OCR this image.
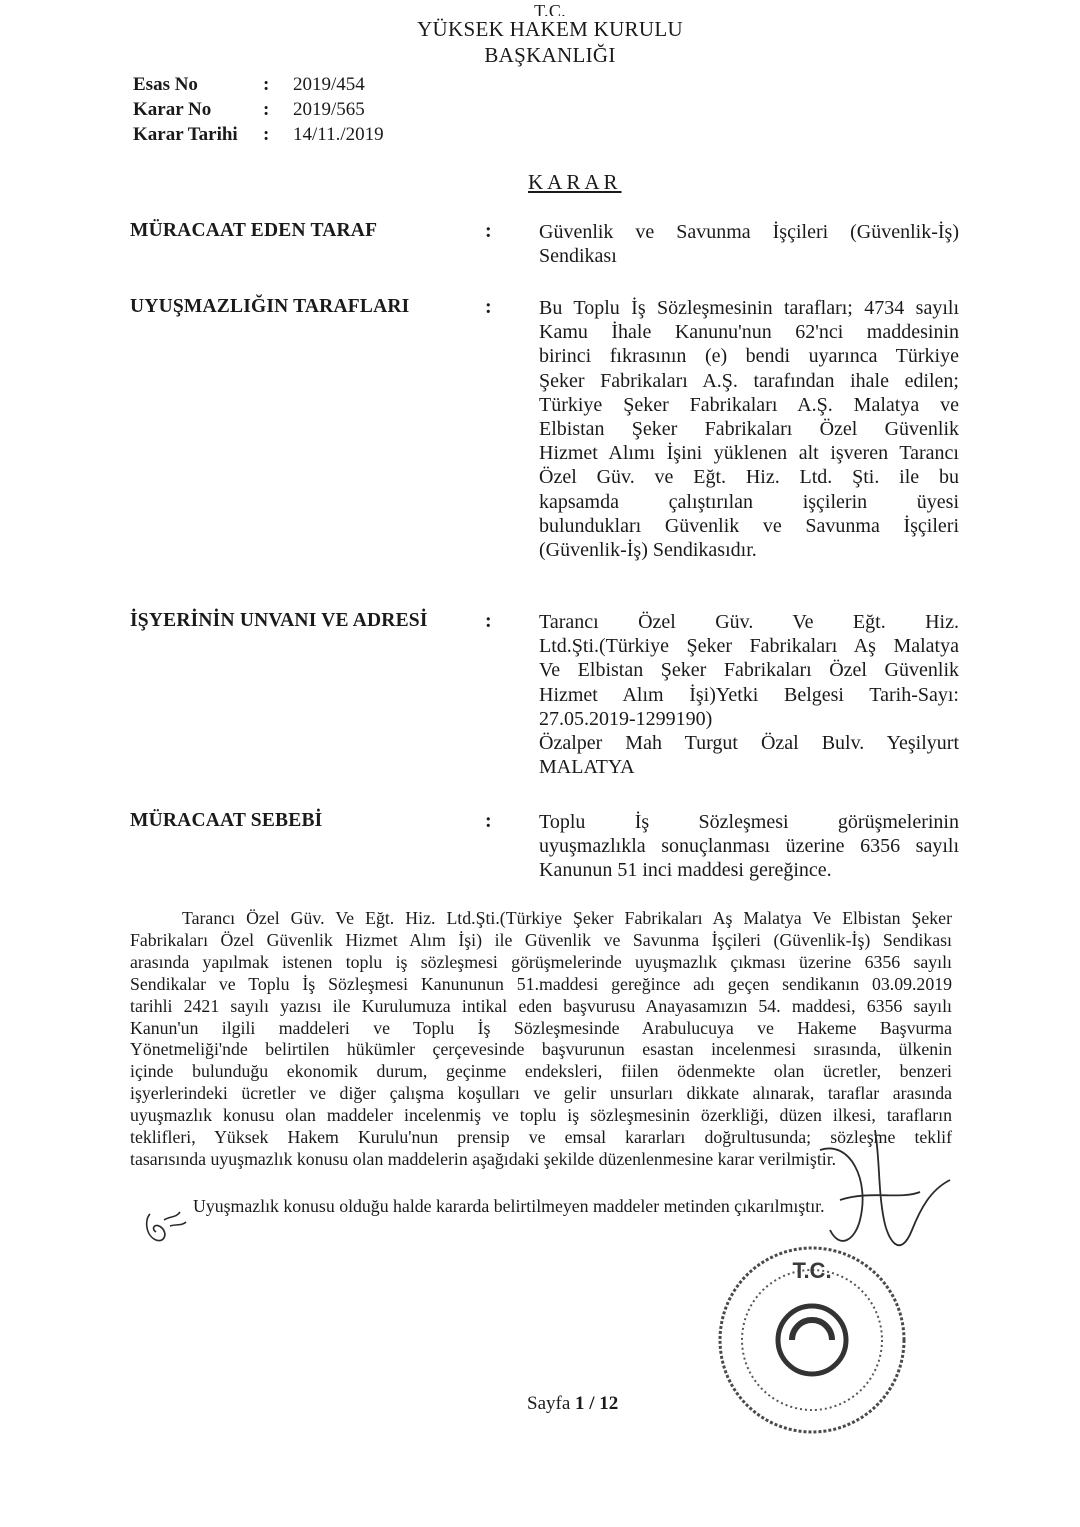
T.C.
YÜKSEK HAKEM KURULU
BAŞKANLIĞI
Esas No	:	2019/454
Karar No	:	2019/565
Karar Tarihi	:	14/11./2019
KARAR
MÜRACAAT EDEN TARAF	:	Güvenlik ve Savunma İşçileri (Güvenlik-İş)
Sendikası
UYUŞMAZLIĞIN TARAFLARI	:	Bu Toplu İş Sözleşmesinin tarafları; 4734 sayılı
Kamu İhale Kanunu'nun 62'nci maddesinin
birinci fıkrasının (e) bendi uyarınca Türkiye
Şeker Fabrikaları A.Ş. tarafından ihale edilen;
Türkiye Şeker Fabrikaları A.Ş. Malatya ve
Elbistan Şeker Fabrikaları Özel Güvenlik
Hizmet Alımı İşini yüklenen alt işveren Tarancı
Özel Güv. ve Eğt. Hiz. Ltd. Şti. ile bu
kapsamda çalıştırılan işçilerin üyesi
bulundukları Güvenlik ve Savunma İşçileri
(Güvenlik-İş) Sendikasıdır.
İŞYERİNİN UNVANI VE ADRESİ	:	Tarancı Özel Güv. Ve Eğt. Hiz.
Ltd.Şti.(Türkiye Şeker Fabrikaları Aş Malatya
Ve Elbistan Şeker Fabrikaları Özel Güvenlik
Hizmet Alım İşi)Yetki Belgesi Tarih-Sayı:
27.05.2019-1299190)
Özalper Mah Turgut Özal Bulv. Yeşilyurt
MALATYA
MÜRACAAT SEBEBİ	:	Toplu İş Sözleşmesi görüşmelerinin
uyuşmazlıkla sonuçlanması üzerine 6356 sayılı
Kanunun 51 inci maddesi gereğince.

Tarancı Özel Güv. Ve Eğt. Hiz. Ltd.Şti.(Türkiye Şeker Fabrikaları Aş Malatya Ve Elbistan Şeker
Fabrikaları Özel Güvenlik Hizmet Alım İşi) ile Güvenlik ve Savunma İşçileri (Güvenlik-İş) Sendikası
arasında yapılmak istenen toplu iş sözleşmesi görüşmelerinde uyuşmazlık çıkması üzerine 6356 sayılı
Sendikalar ve Toplu İş Sözleşmesi Kanununun 51.maddesi gereğince adı geçen sendikanın 03.09.2019
tarihli 2421 sayılı yazısı ile Kurulumuza intikal eden başvurusu Anayasamızın 54. maddesi, 6356 sayılı
Kanun'un ilgili maddeleri ve Toplu İş Sözleşmesinde Arabulucuya ve Hakeme Başvurma
Yönetmeliği'nde belirtilen hükümler çerçevesinde başvurunun esastan incelenmesi sırasında, ülkenin
içinde bulunduğu ekonomik durum, geçinme endeksleri, fiilen ödenmekte olan ücretler, benzeri
işyerlerindeki ücretler ve diğer çalışma koşulları ve gelir unsurları dikkate alınarak, taraflar arasında
uyuşmazlık konusu olan maddeler incelenmiş ve toplu iş sözleşmesinin özerkliği, düzen ilkesi, tarafların
teklifleri, Yüksek Hakem Kurulu'nun prensip ve emsal kararları doğrultusunda; sözleşme teklif
tasarısında uyuşmazlık konusu olan maddelerin aşağıdaki şekilde düzenlenmesine karar verilmiştir.

Uyuşmazlık konusu olduğu halde kararda belirtilmeyen maddeler metinden çıkarılmıştır.
T.C.
Sayfa 1 / 12
